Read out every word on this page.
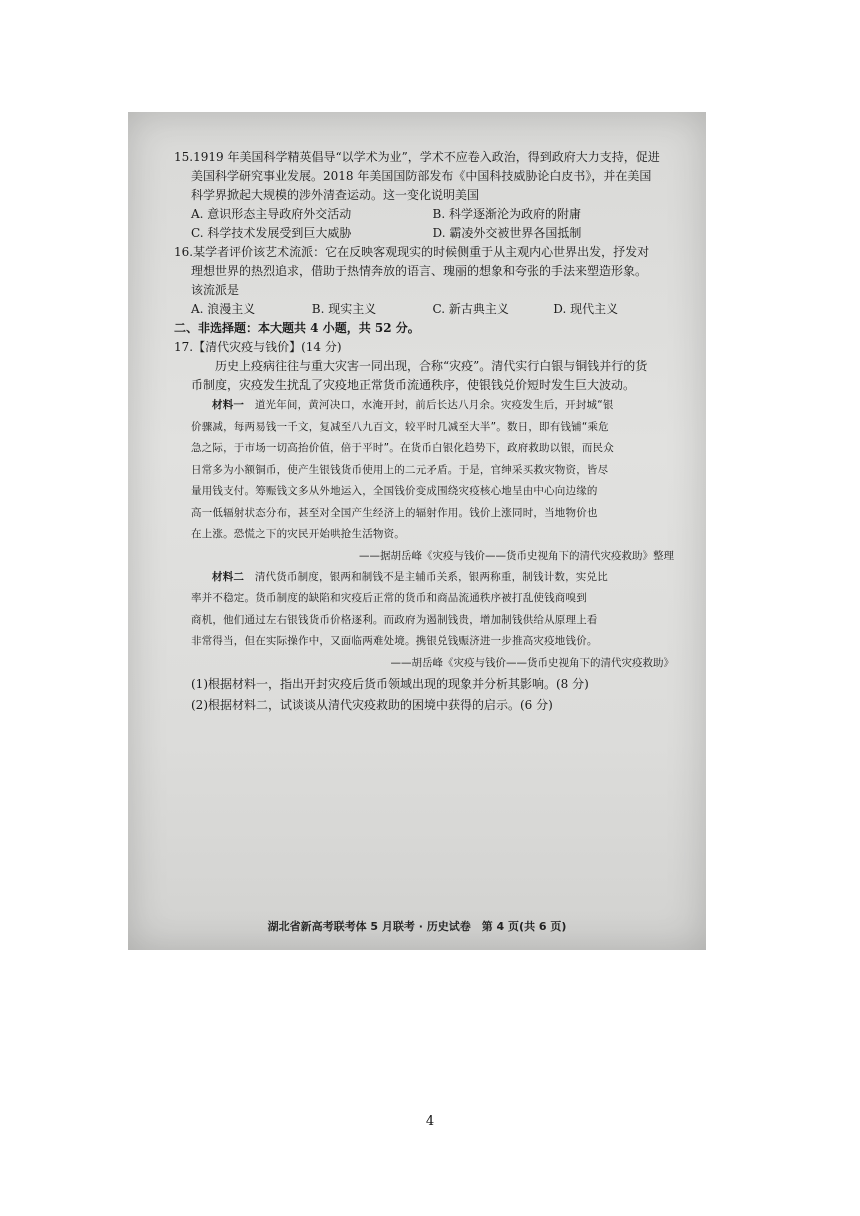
15.1919 年美国科学精英倡导“以学术为业”，学术不应卷入政治，得到政府大力支持，促进

美国科学研究事业发展。2018 年美国国防部发布《中国科技威胁论白皮书》，并在美国

科学界掀起大规模的涉外清查运动。这一变化说明美国

A. 意识形态主导政府外交活动	B. 科学逐渐沦为政府的附庸
C. 科学技术发展受到巨大威胁	D. 霸凌外交被世界各国抵制

16.某学者评价该艺术流派：它在反映客观现实的时候侧重于从主观内心世界出发，抒发对

理想世界的热烈追求，借助于热情奔放的语言、瑰丽的想象和夸张的手法来塑造形象。

该流派是

A. 浪漫主义	B. 现实主义	C. 新古典主义	D. 现代主义

二、非选择题：本大题共 4 小题，共 52 分。

17.【清代灾疫与钱价】(14 分)

历史上疫病往往与重大灾害一同出现，合称“灾疫”。清代实行白银与铜钱并行的货

币制度，灾疫发生扰乱了灾疫地正常货币流通秩序，使银钱兑价短时发生巨大波动。

材料一　 道光年间，黄河决口，水淹开封，前后长达八月余。灾疫发生后，开封城“银

价骤减，每两易钱一千文，复减至八九百文，较平时几减至大半”。数日，即有钱铺“乘危

急之际，于市场一切高抬价值，倍于平时”。在货币白银化趋势下，政府救助以银，而民众

日常多为小额铜币，使产生银钱货币使用上的二元矛盾。于是，官绅采买救灾物资，皆尽

量用钱支付。筹赈钱文多从外地运入，全国钱价变成围绕灾疫核心地呈由中心向边缘的

高一低辐射状态分布，甚至对全国产生经济上的辐射作用。钱价上涨同时，当地物价也

在上涨。恐慌之下的灾民开始哄抢生活物资。

——据胡岳峰《灾疫与钱价——货币史视角下的清代灾疫救助》整理

材料二　 清代货币制度，银两和制钱不是主辅币关系，银两称重，制钱计数，实兑比

率并不稳定。货币制度的缺陷和灾疫后正常的货币和商品流通秩序被打乱使钱商嗅到

商机，他们通过左右银钱货币价格逐利。而政府为遏制钱贵，增加制钱供给从原理上看

非常得当，但在实际操作中，又面临两难处境。携银兑钱赈济进一步推高灾疫地钱价。

——胡岳峰《灾疫与钱价——货币史视角下的清代灾疫救助》

(1)根据材料一，指出开封灾疫后货币领域出现的现象并分析其影响。(8 分)

(2)根据材料二，试谈谈从清代灾疫救助的困境中获得的启示。(6 分)

湖北省新高考联考体 5 月联考 · 历史试卷　第 4 页(共 6 页)
4
